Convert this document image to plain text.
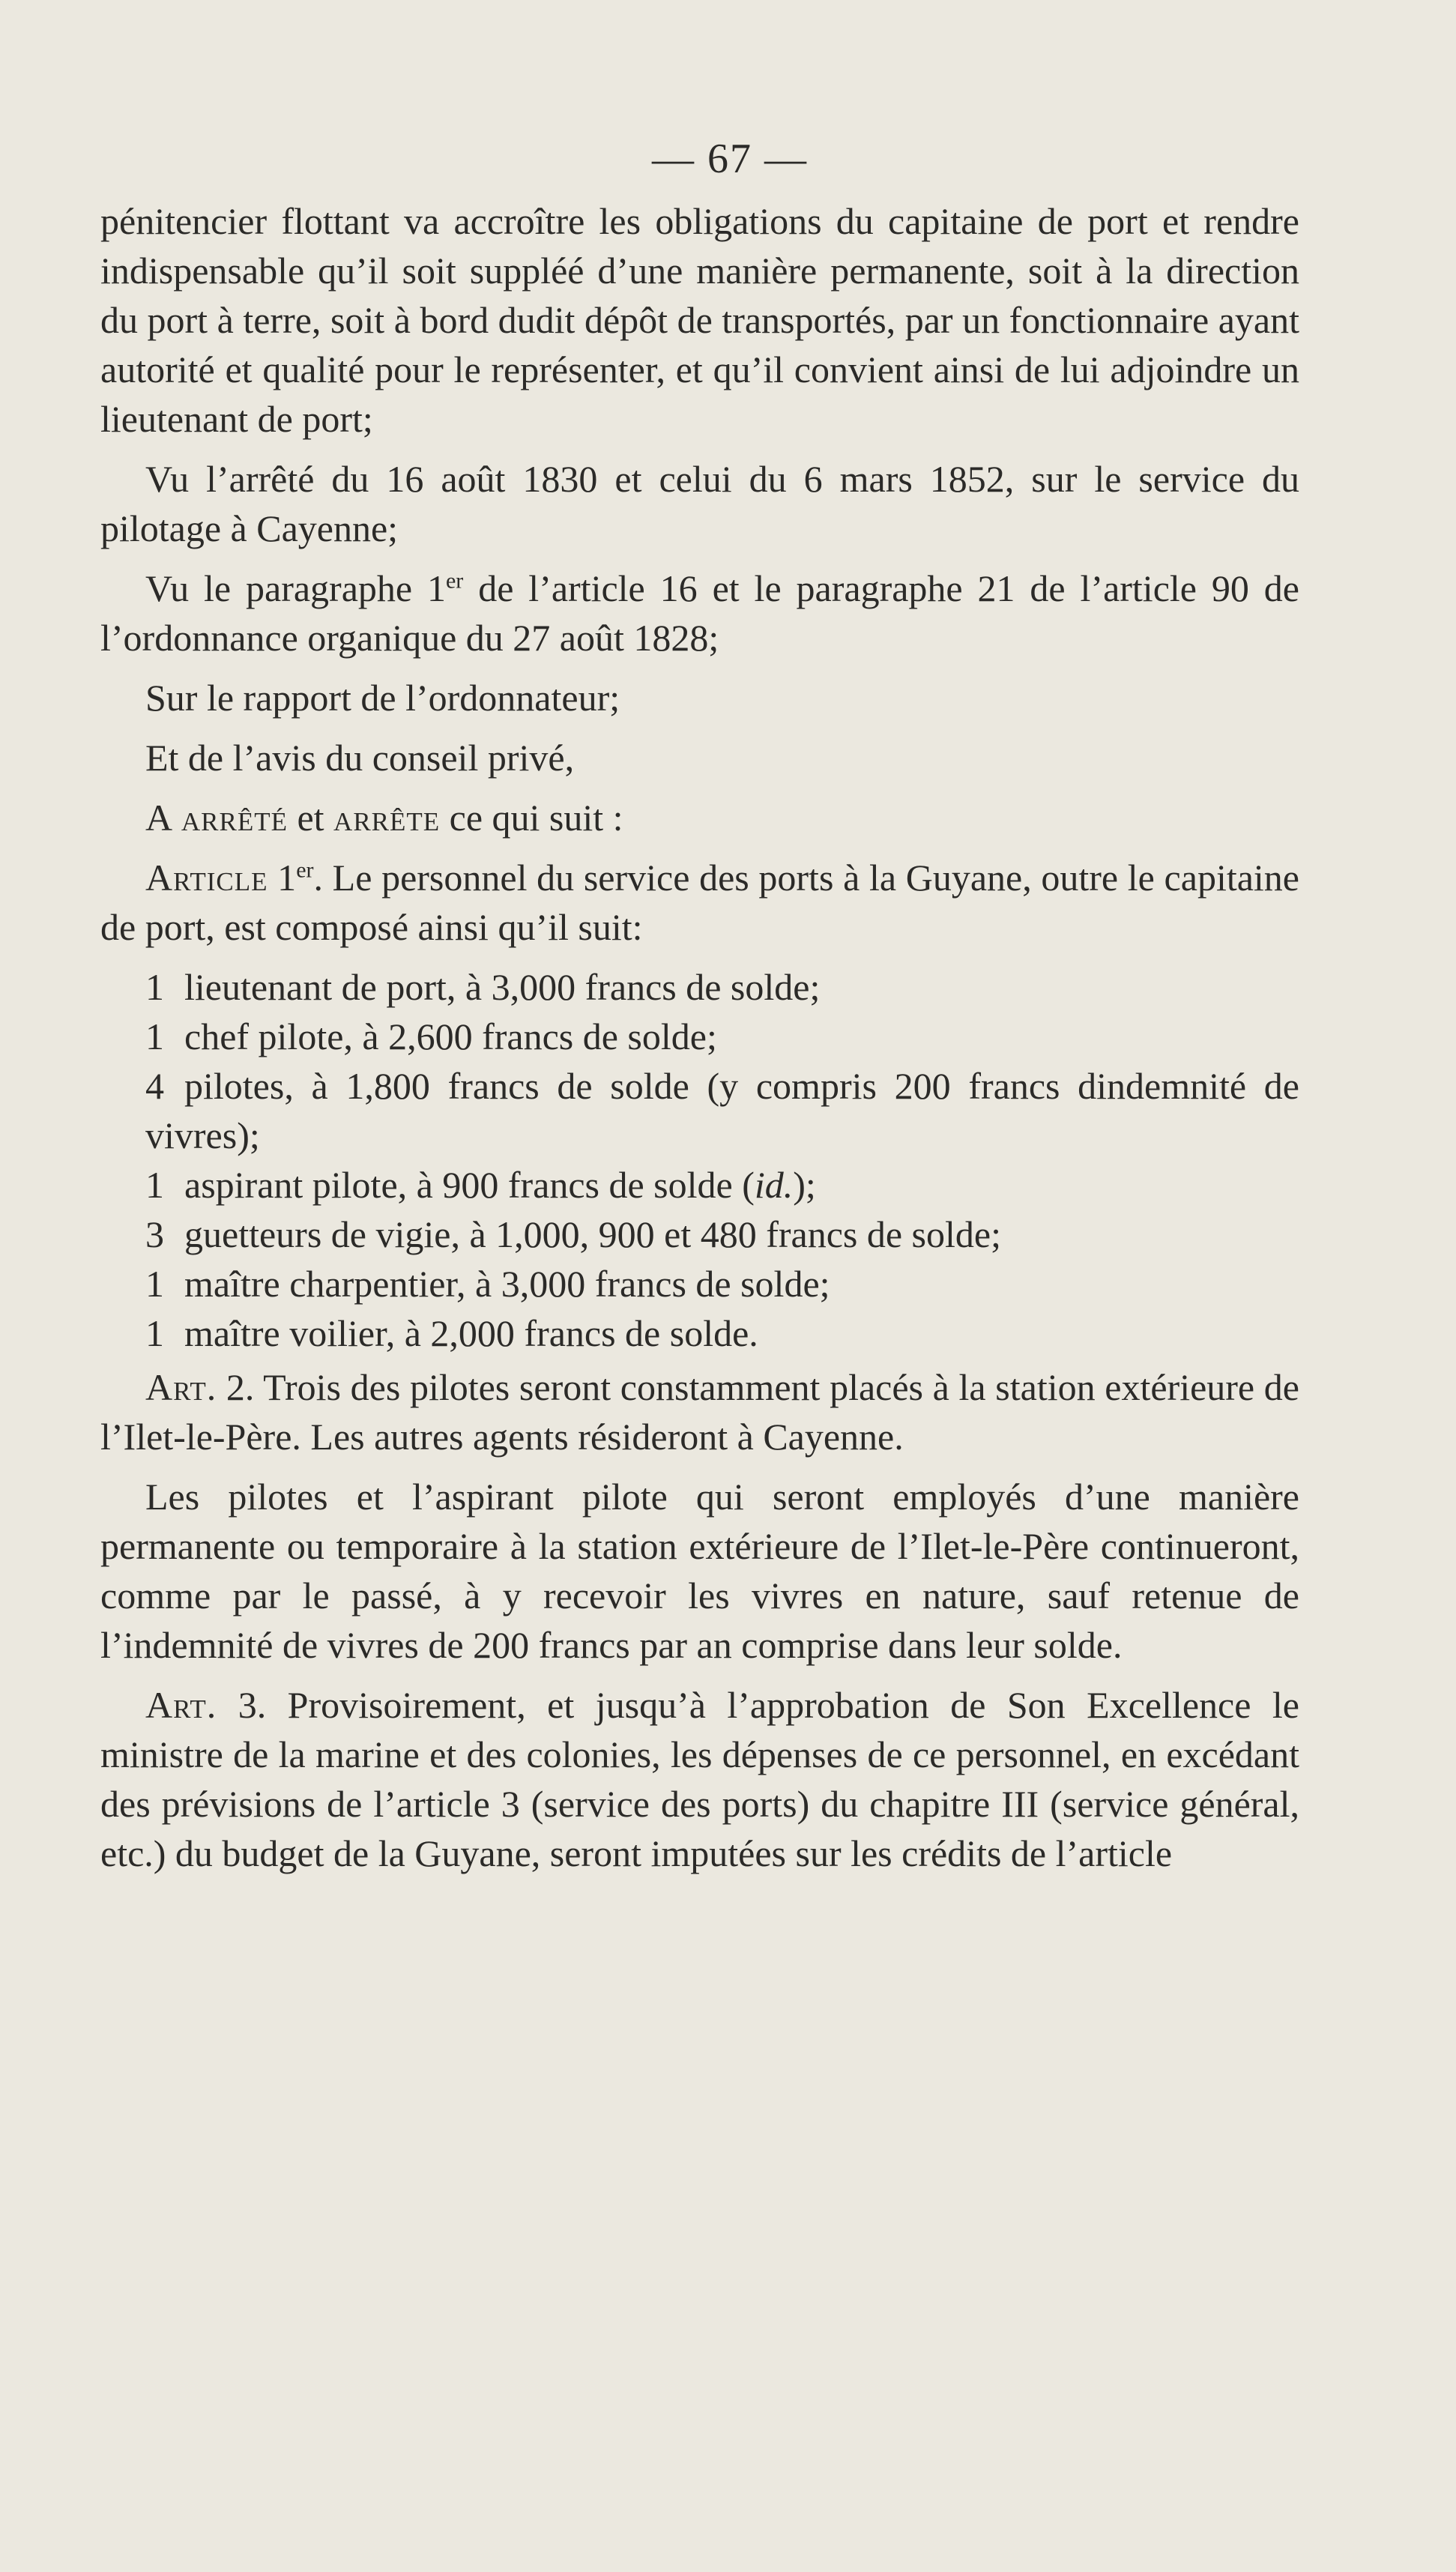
— 67 —

pénitencier flottant va accroître les obligations du capitaine de port et rendre indispensable qu’il soit suppléé d’une manière permanente, soit à la direction du port à terre, soit à bord dudit dépôt de transportés, par un fonctionnaire ayant autorité et qualité pour le représenter, et qu’il convient ainsi de lui adjoindre un lieutenant de port;

Vu l’arrêté du 16 août 1830 et celui du 6 mars 1852, sur le service du pilotage à Cayenne;

Vu le paragraphe 1er de l’article 16 et le paragraphe 21 de l’article 90 de l’ordonnance organique du 27 août 1828;

Sur le rapport de l’ordonnateur;

Et de l’avis du conseil privé,

A arrêté et arrête ce qui suit :

Article 1er. Le personnel du service des ports à la Guyane, outre le capitaine de port, est composé ainsi qu’il suit:

1 lieutenant de port, à 3,000 francs de solde;

1 chef pilote, à 2,600 francs de solde;

4 pilotes, à 1,800 francs de solde (y compris 200 francs dindemnité de vivres);

1 aspirant pilote, à 900 francs de solde (id.);

3 guetteurs de vigie, à 1,000, 900 et 480 francs de solde;

1 maître charpentier, à 3,000 francs de solde;

1 maître voilier, à 2,000 francs de solde.

Art. 2. Trois des pilotes seront constamment placés à la station extérieure de l’Ilet-le-Père. Les autres agents résideront à Cayenne.

Les pilotes et l’aspirant pilote qui seront employés d’une manière permanente ou temporaire à la station extérieure de l’Ilet-le-Père continueront, comme par le passé, à y recevoir les vivres en nature, sauf retenue de l’indemnité de vivres de 200 francs par an comprise dans leur solde.

Art. 3. Provisoirement, et jusqu’à l’approbation de Son Excellence le ministre de la marine et des colonies, les dépenses de ce personnel, en excédant des prévisions de l’article 3 (service des ports) du chapitre III (service général, etc.) du budget de la Guyane, seront imputées sur les crédits de l’article
